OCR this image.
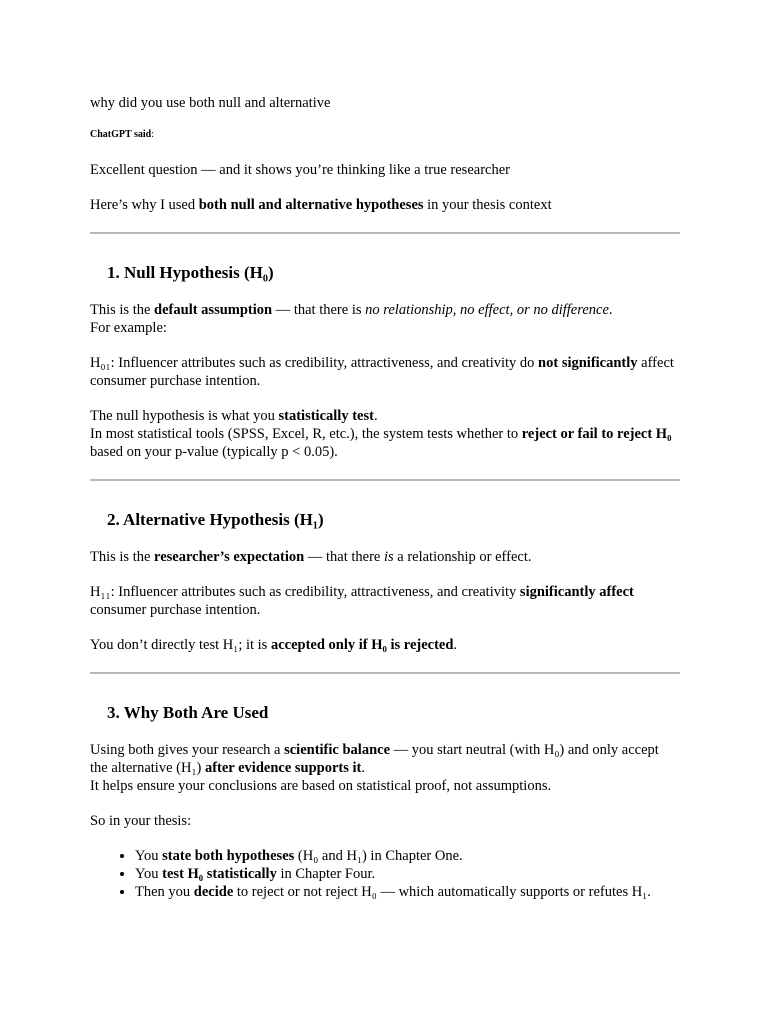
why did you use both null and alternative

ChatGPT said:

Excellent question — and it shows you’re thinking like a true researcher

Here’s why I used both null and alternative hypotheses in your thesis context

1. Null Hypothesis (H₀)

This is the default assumption — that there is no relationship, no effect, or no difference.

For example:

H₀₁: Influencer attributes such as credibility, attractiveness, and creativity do not significantly affect consumer purchase intention.

The null hypothesis is what you statistically test.

In most statistical tools (SPSS, Excel, R, etc.), the system tests whether to reject or fail to reject H₀ based on your p-value (typically p < 0.05).

2. Alternative Hypothesis (H₁)

This is the researcher’s expectation — that there is a relationship or effect.

H₁₁: Influencer attributes such as credibility, attractiveness, and creativity significantly affect consumer purchase intention.

You don’t directly test H₁; it is accepted only if H₀ is rejected.

3. Why Both Are Used

Using both gives your research a scientific balance — you start neutral (with H₀) and only accept the alternative (H₁) after evidence supports it.

It helps ensure your conclusions are based on statistical proof, not assumptions.

So in your thesis:

• You state both hypotheses (H₀ and H₁) in Chapter One.
• You test H₀ statistically in Chapter Four.
• Then you decide to reject or not reject H₀ — which automatically supports or refutes H₁.
